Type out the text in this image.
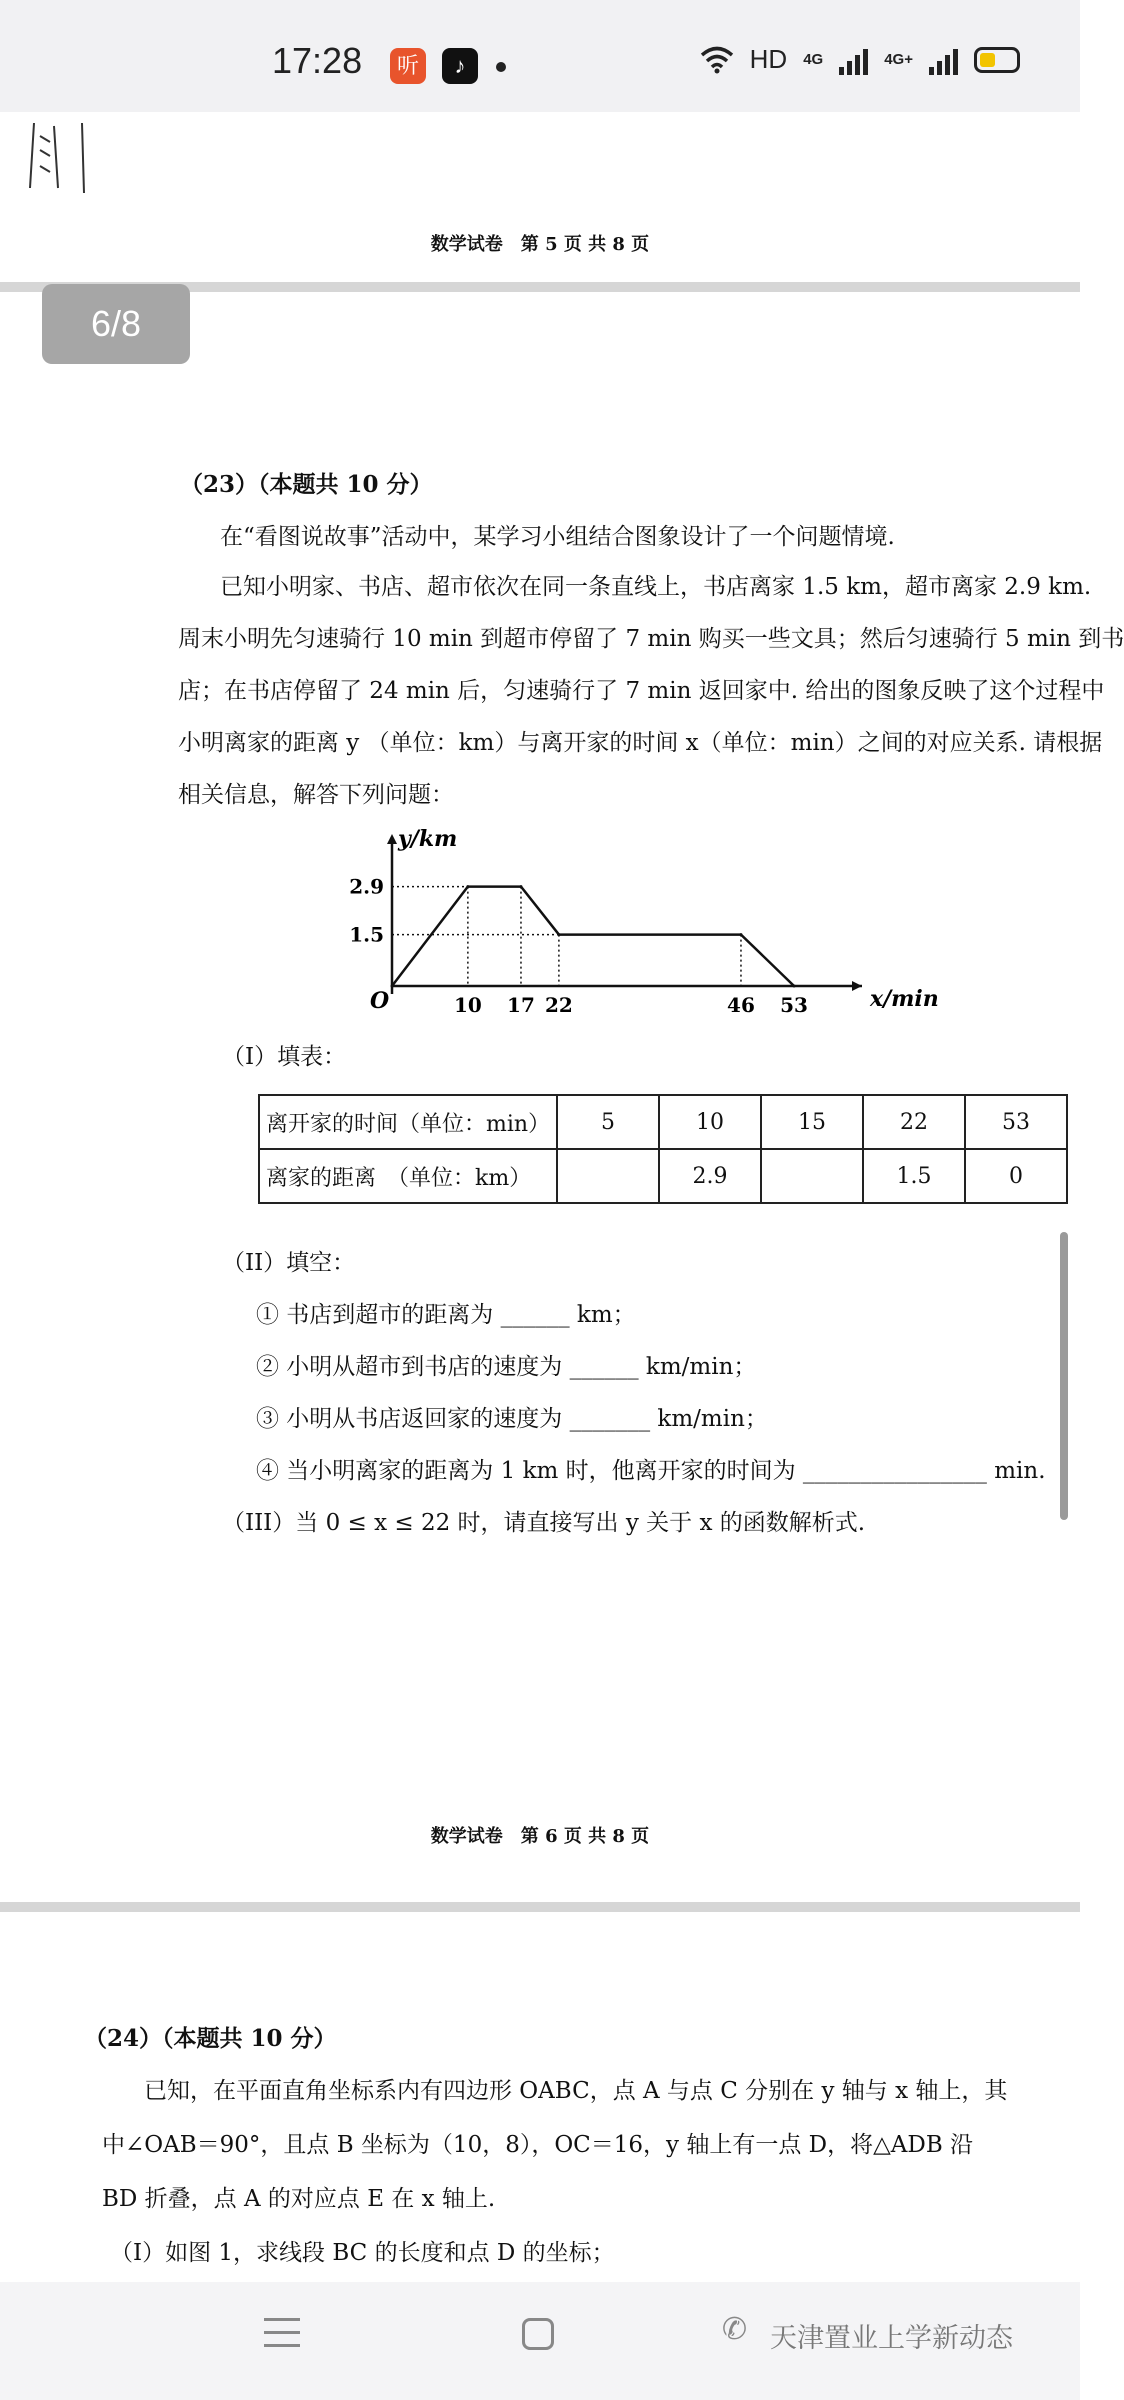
17:28	听	♪	HD 4G	4G+
数学试卷　第 5 页 共 8 页
6/8
（23）（本题共 10 分）
在“看图说故事”活动中，某学习小组结合图象设计了一个问题情境.
已知小明家、书店、超市依次在同一条直线上，书店离家 1.5 km，超市离家 2.9 km.
周末小明先匀速骑行 10 min 到超市停留了 7 min 购买一些文具；然后匀速骑行 5 min 到书
店；在书店停留了 24 min 后，匀速骑行了 7 min 返回家中. 给出的图象反映了这个过程中
小明离家的距离 y （单位：km）与离开家的时间 x（单位：min）之间的对应关系. 请根据
相关信息，解答下列问题：
y/km
x/min
O
1.5
2.9
10 17 22	46 53
（I）填表：
离开家的时间（单位：min）	5	10	15	22	53
离家的距离　（单位：km）		2.9		1.5	0
（II）填空：
① 书店到超市的距离为 ______ km；
② 小明从超市到书店的速度为 ______ km/min；
③ 小明从书店返回家的速度为 _______ km/min；
④ 当小明离家的距离为 1 km 时，他离开家的时间为 ________________ min.
（III）当 0 ≤ x ≤ 22 时，请直接写出 y 关于 x 的函数解析式.
数学试卷　第 6 页 共 8 页
（24）（本题共 10 分）
已知，在平面直角坐标系内有四边形 OABC，点 A 与点 C 分别在 y 轴与 x 轴上，其
中∠OAB＝90°，且点 B 坐标为（10，8），OC＝16，y 轴上有一点 D，将△ADB 沿
BD 折叠，点 A 的对应点 E 在 x 轴上.
（I）如图 1，求线段 BC 的长度和点 D 的坐标；
✆ 天津置业上学新动态
